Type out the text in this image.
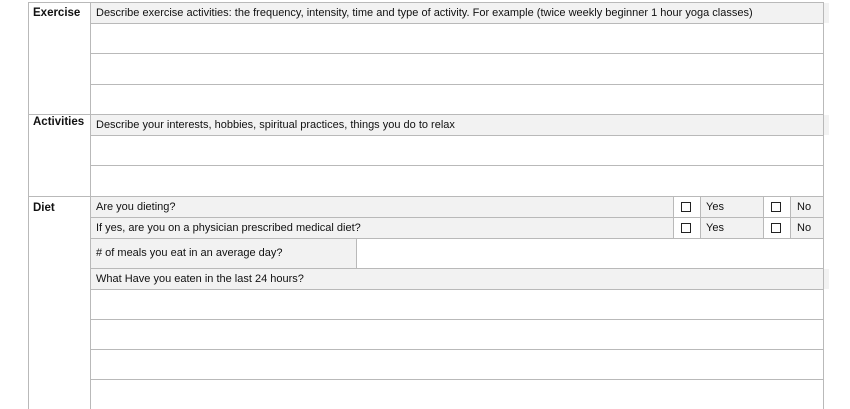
Exercise	Describe exercise activities: the frequency, intensity, time and type of activity. For example (twice weekly beginner 1 hour yoga classes)
Activities	Describe your interests, hobbies, spiritual practices, things you do to relax
Diet	Are you dieting?	Yes	No
If yes, are you on a physician prescribed medical diet?	Yes	No
# of meals you eat in an average day?
What Have you eaten in the last 24 hours?
